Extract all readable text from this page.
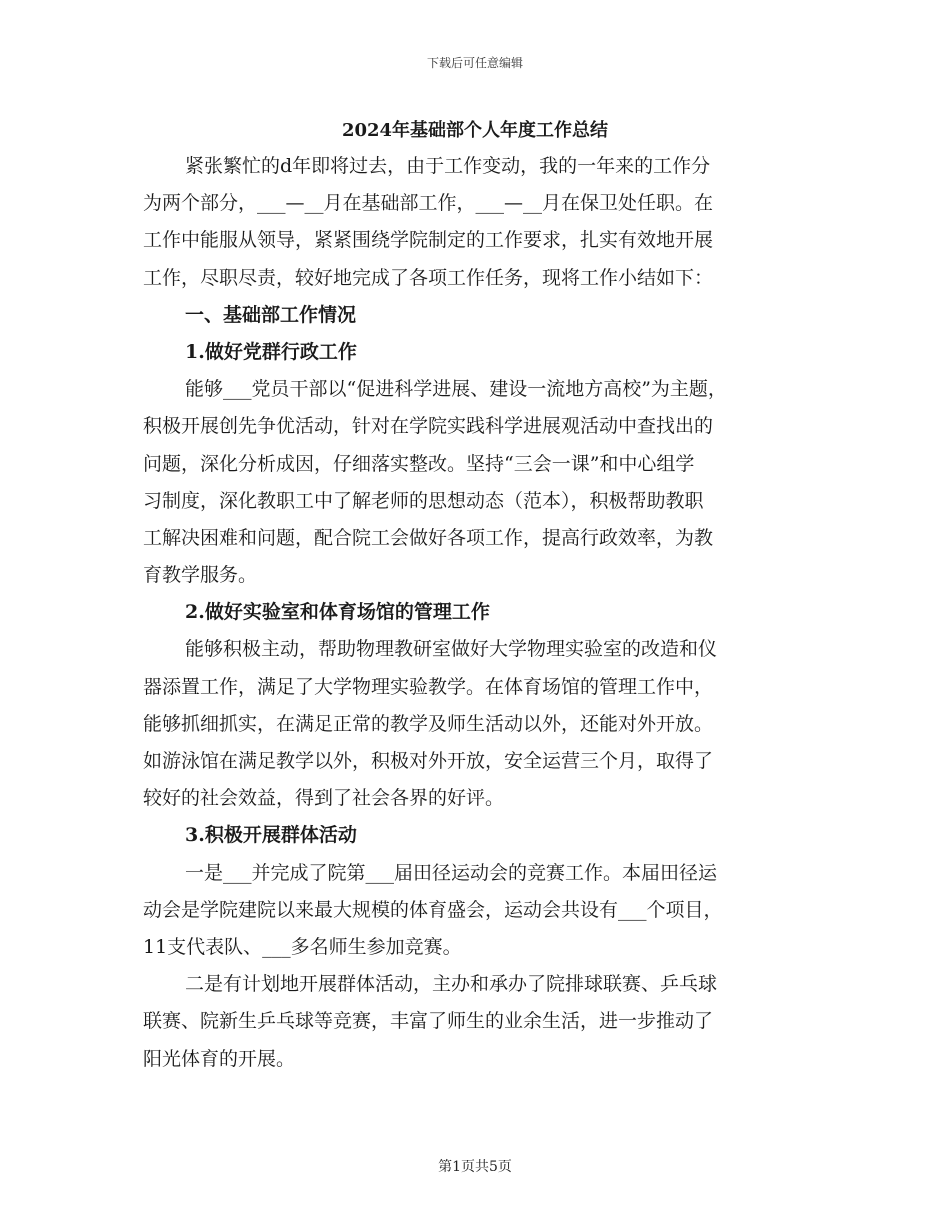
下载后可任意编辑
2024年基础部个人年度工作总结
紧张繁忙的d年即将过去，由于工作变动，我的一年来的工作分
为两个部分，___—__月在基础部工作，___—__月在保卫处任职。在
工作中能服从领导，紧紧围绕学院制定的工作要求，扎实有效地开展
工作，尽职尽责，较好地完成了各项工作任务，现将工作小结如下：
一、基础部工作情况
1.做好党群行政工作
能够___党员干部以“促进科学进展、建设一流地方高校”为主题，
积极开展创先争优活动，针对在学院实践科学进展观活动中查找出的
问题，深化分析成因，仔细落实整改。坚持“三会一课”和中心组学
习制度，深化教职工中了解老师的思想动态（范本），积极帮助教职
工解决困难和问题，配合院工会做好各项工作，提高行政效率，为教
育教学服务。
2.做好实验室和体育场馆的管理工作
能够积极主动，帮助物理教研室做好大学物理实验室的改造和仪
器添置工作，满足了大学物理实验教学。在体育场馆的管理工作中，
能够抓细抓实，在满足正常的教学及师生活动以外，还能对外开放。
如游泳馆在满足教学以外，积极对外开放，安全运营三个月，取得了
较好的社会效益，得到了社会各界的好评。
3.积极开展群体活动
一是___并完成了院第___届田径运动会的竞赛工作。本届田径运
动会是学院建院以来最大规模的体育盛会，运动会共设有___个项目，
11支代表队、___多名师生参加竞赛。
二是有计划地开展群体活动，主办和承办了院排球联赛、乒乓球
联赛、院新生乒乓球等竞赛，丰富了师生的业余生活，进一步推动了
阳光体育的开展。
第1页共5页
